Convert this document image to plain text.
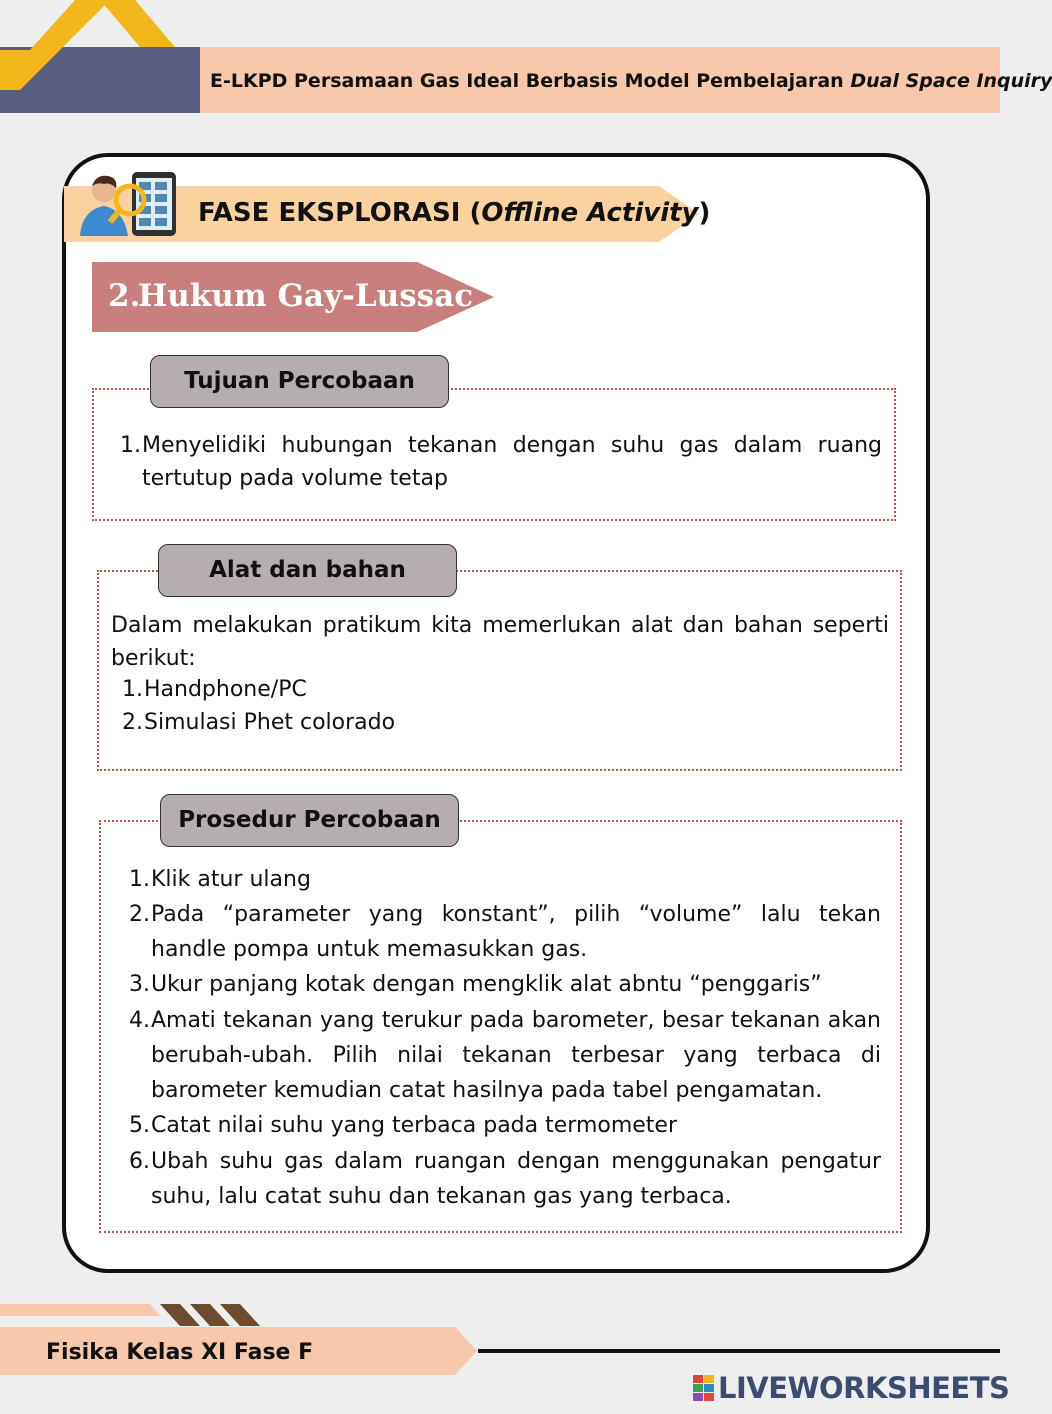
E-LKPD Persamaan Gas Ideal Berbasis Model Pembelajaran Dual Space Inquiry
FASE EKSPLORASI (Offline Activity)
2.
Hukum Gay-Lussac
Tujuan Percobaan
1. Menyelidiki hubungan tekanan dengan suhu gas dalam ruang tertutup pada volume tetap
Alat dan bahan
Dalam melakukan pratikum kita memerlukan alat dan bahan seperti berikut:
1. Handphone/PC
2. Simulasi Phet colorado
Prosedur Percobaan
1. Klik atur ulang
2. Pada “parameter yang konstant”, pilih “volume” lalu tekan handle pompa untuk memasukkan gas.
3. Ukur panjang kotak dengan mengklik alat abntu “penggaris”
4. Amati tekanan yang terukur pada barometer, besar tekanan akan berubah-ubah. Pilih nilai tekanan terbesar yang terbaca di barometer kemudian catat hasilnya pada tabel pengamatan.
5. Catat nilai suhu yang terbaca pada termometer
6. Ubah suhu gas dalam ruangan dengan menggunakan pengatur suhu, lalu catat suhu dan tekanan gas yang terbaca.
Fisika Kelas XI Fase F
LIVEWORKSHEETS
